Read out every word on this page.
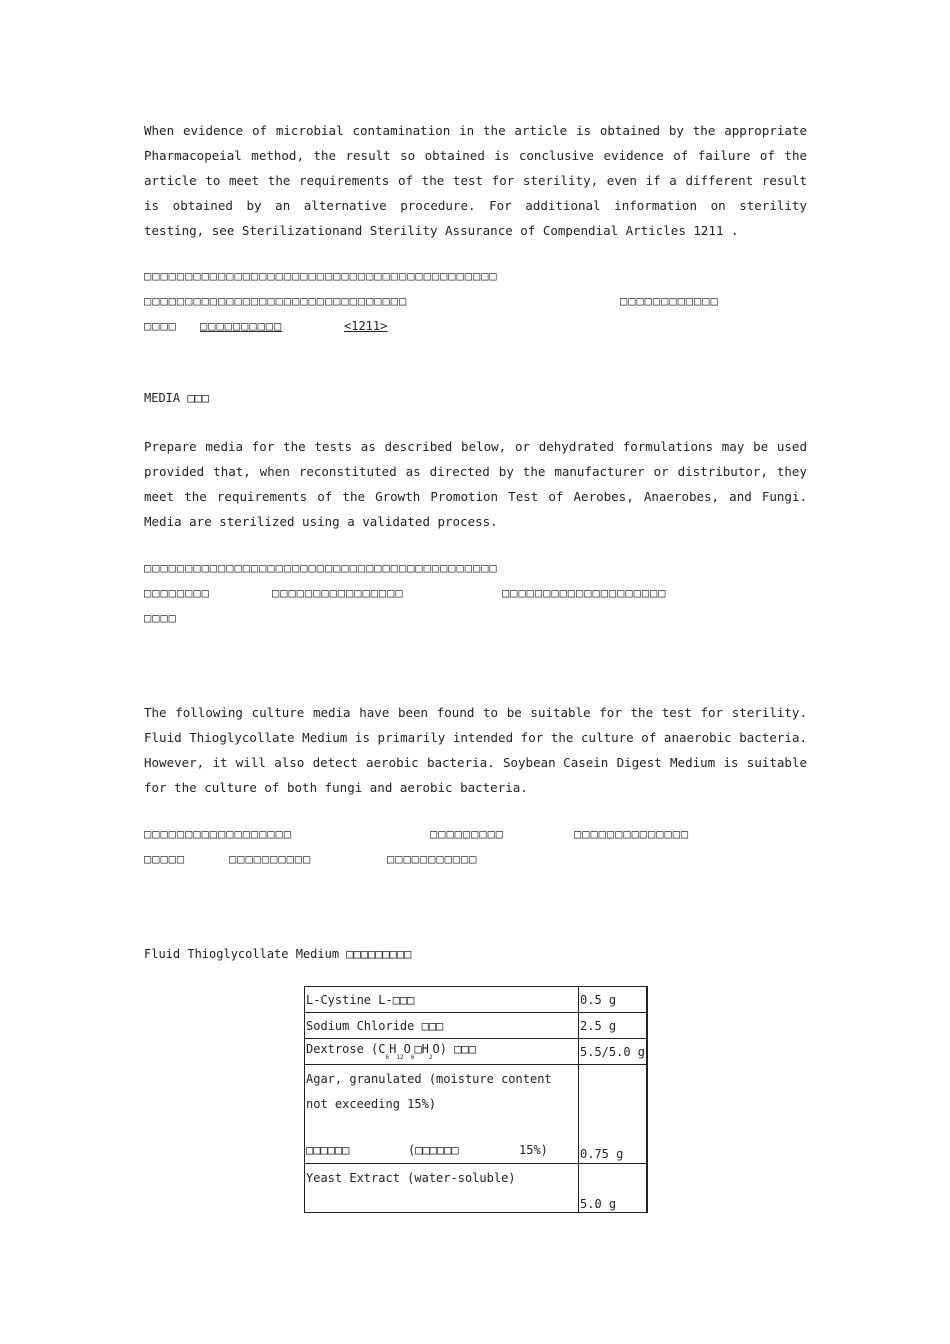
When evidence of microbial contamination in the article is obtained by the appropriate Pharmacopeial method, the result so obtained is conclusive evidence of failure of the article to meet the requirements of the test for sterility, even if a different result is obtained by an alternative procedure. For additional information on sterility testing, see Sterilizationand Sterility Assurance of Compendial Articles 1211 .

□□□□□□□□□□□□□□□□□□□□□□□□□□□□□□□□□□□□□□□□□□□
□□□□□□□□□□□□□□□□□□□□□□□□□□□□□□□□	□□□□□□□□□□□□
□□□□ □□□□□□□□□□	<1211>
MEDIA □□□

Prepare media for the tests as described below, or dehydrated formulations may be used provided that, when reconstituted as directed by the manufacturer or distributor, they meet the requirements of the Growth Promotion Test of Aerobes, Anaerobes, and Fungi. Media are sterilized using a validated process.

□□□□□□□□□□□□□□□□□□□□□□□□□□□□□□□□□□□□□□□□□□□
□□□□□□□□	□□□□□□□□□□□□□□□□	□□□□□□□□□□□□□□□□□□□□
□□□□

The following culture media have been found to be suitable for the test for sterility. Fluid Thioglycollate Medium is primarily intended for the culture of anaerobic bacteria. However, it will also detect aerobic bacteria. Soybean Casein Digest Medium is suitable for the culture of both fungi and aerobic bacteria.

□□□□□□□□□□□□□□□□□□	□□□□□□□□□	□□□□□□□□□□□□□□
□□□□□	□□□□□□□□□□	□□□□□□□□□□□
Fluid Thioglycollate Medium □□□□□□□□□
L-Cystine L-□□□	0.5 g
Sodium Chloride □□□	2.5 g
Dextrose $(C_6H_{12}O_6□H_2O)$ □□□	5.5/5.0 g

Agar, granulated (moisture content not exceeding 15%)
□□□□□□ (□□□□□□ 15%)	0.75 g
Yeast Extract (water-soluble)	5.0 g
